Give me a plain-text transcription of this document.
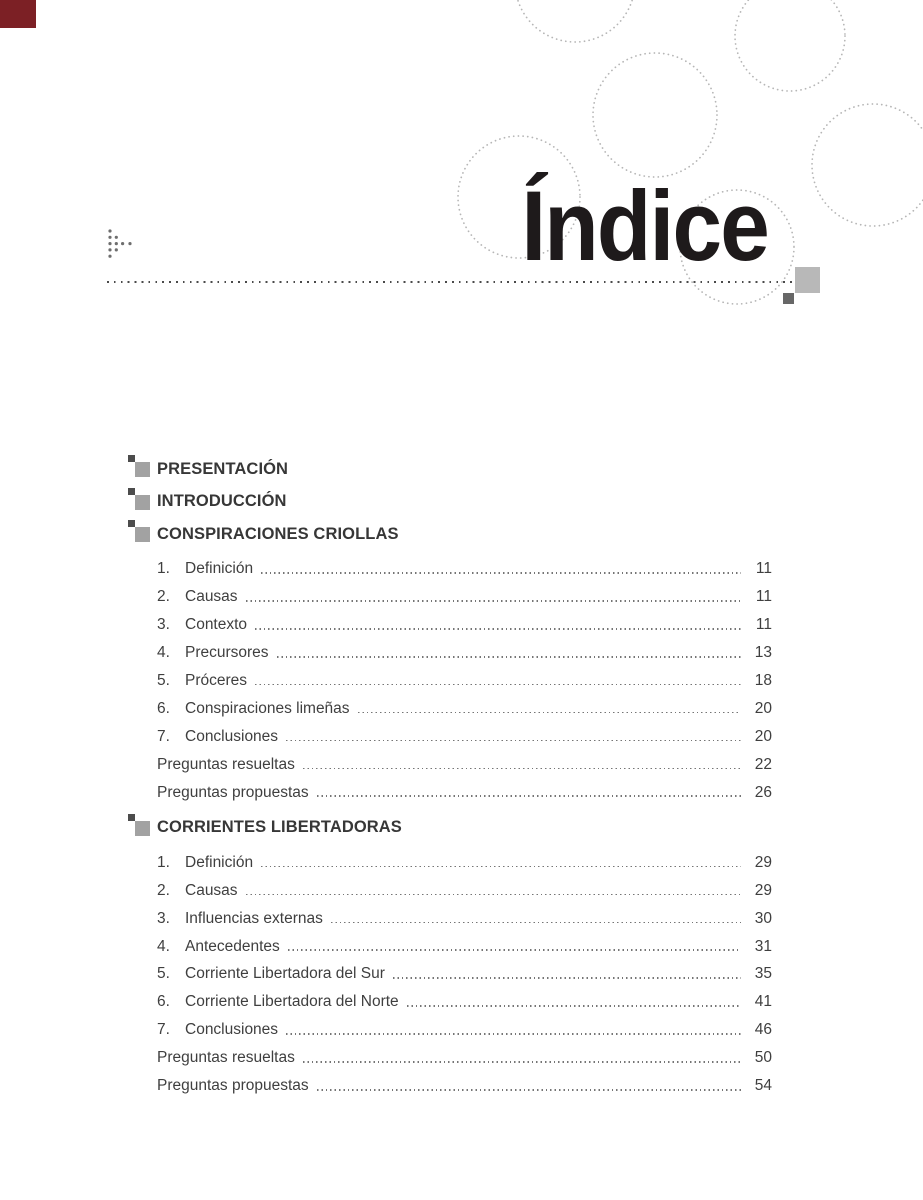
Índice
PRESENTACIÓN
INTRODUCCIÓN
CONSPIRACIONES CRIOLLAS
1. Definición	11
2. Causas	11
3. Contexto	11
4. Precursores	13
5. Próceres	18
6. Conspiraciones limeñas	20
7. Conclusiones	20
Preguntas resueltas	22
Preguntas propuestas	26
CORRIENTES LIBERTADORAS
1. Definición	29
2. Causas	29
3. Influencias externas	30
4. Antecedentes	31
5. Corriente Libertadora del Sur	35
6. Corriente Libertadora del Norte	41
7. Conclusiones	46
Preguntas resueltas	50
Preguntas propuestas	54
